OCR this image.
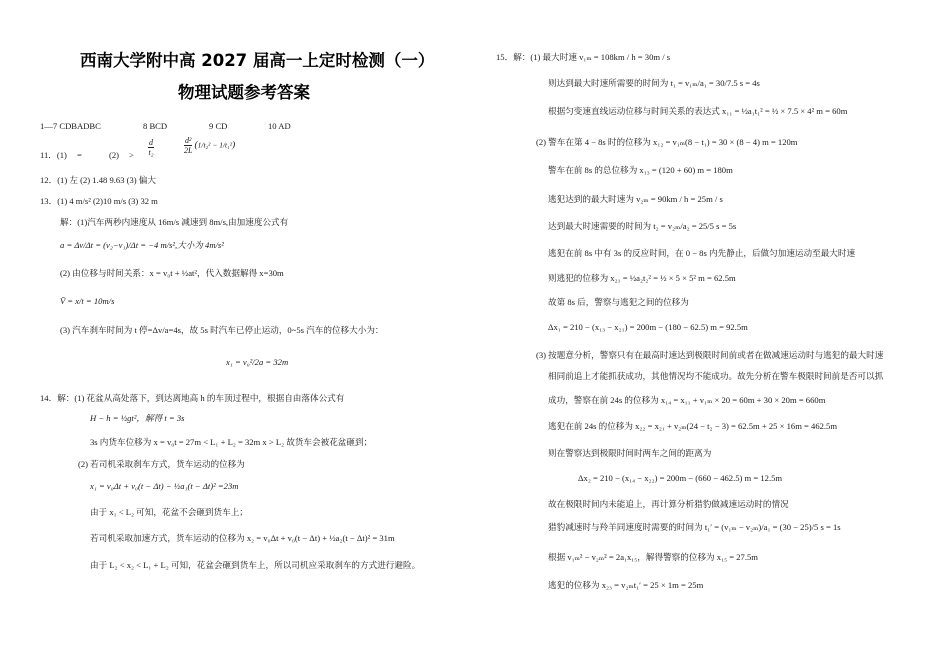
西南大学附中高 2027 届高一上定时检测（一）
物理试题参考答案
1—7 CDBADBC	8 BCD	9 CD	10 AD
11．(1) =	$(2) > \frac{d}{\text{t₂}}$	$\frac{\text{d²}}{2L} (1/t_2^2 - 1/t_1^2)$
12．(1) 左 (2) 1.48 9.63 (3) 偏大
13．(1) 4 m/s² (2)10 m/s (3) 32 m
解：(1)汽车两秒内速度从 16m/s 减速到 8m/s,由加速度公式有
a = Δv/Δt = (v₂−v₁)/Δt = −4 m/s²,大小为 4m/s²
(2) 由位移与时间关系：x = v₀t + ½at²，代入数据解得 x=30m
V̄ = x/t = 10m/s
(3) 汽车刹车时间为 t 停=Δv/a=4s，故 5s 时汽车已停止运动，0~5s 汽车的位移大小为：
x₁ = v₀²/2a = 32m
14．解：(1) 花盆从高处落下，到达离地高 h 的车顶过程中，根据自由落体公式有
H − h = ½gt²，解得 t = 3s
3s 内货车位移为 x = v₀t = 27m < L₁ + L₂ = 32m x > L₂ 故货车会被花盆砸到；
(2) 若司机采取刹车方式，货车运动的位移为
x₁ = v₀Δt + v₀(t − Δt) − ½a₁(t − Δt)² =23m
由于 x₁ < L₂ 可知，花盆不会砸到货车上；
若司机采取加速方式，货车运动的位移为 x₂ = v₀Δt + v₀(t − Δt) + ½a₂(t − Δt)² = 31m
由于 L₂ < x₂ < L₁ + L₂ 可知，花盆会砸到货车上，所以司机应采取刹车的方式进行避险。
15．解：(1) 最大时速 v₁ₘ = 108km / h = 30m / s
则达到最大时速所需要的时间为 t₁ = v₁ₘ/a₁ = 30/7.5 s = 4s
根据匀变速直线运动位移与时间关系的表达式 x₁₁ = ½a₁t₁² = ½ × 7.5 × 4² m = 60m
(2) 警车在第 4 − 8s 时的位移为 x₁₂ = v₁ₘ(8 − t₁) = 30 × (8 − 4) m = 120m
警车在前 8s 的总位移为 x₁₃ = (120 + 60) m = 180m
逃犯达到的最大时速为 v₂ₘ = 90km / h = 25m / s
达到最大时速需要的时间为 t₂ = v₂ₘ/a₂ = 25/5 s = 5s
逃犯在前 8s 中有 3s 的反应时间，在 0 − 8s 内先静止，后做匀加速运动至最大时速
则逃犯的位移为 x₂₁ = ½a₂t₂² = ½ × 5 × 5² m = 62.5m
故第 8s 后，警察与逃犯之间的位移为
Δx₁ = 210 − (x₁₃ − x₂₁) = 200m − (180 − 62.5) m = 92.5m
(3) 按题意分析，警察只有在最高时速达到极限时间前或者在做减速运动时与逃犯的最大时速
相同前追上才能抓获成功，其他情况均不能成功。故先分析在警车极限时间前是否可以抓
成功，警察在前 24s 的位移为 x₁₄ = x₁₁ + v₁ₘ × 20 = 60m + 30 × 20m = 660m
逃犯在前 24s 的位移为 x₂₂ = x₂₁ + v₂ₘ(24 − t₂ − 3) = 62.5m + 25 × 16m = 462.5m
则在警察达到极限时间时两车之间的距离为
Δx₂ = 210 − (x₁₄ − x₂₂) = 200m − (660 − 462.5) m = 12.5m
故在极限时间内未能追上，再计算分析猎豹做减速运动时的情况
猎豹减速时与羚羊同速度时需要的时间为 t₁′ = (v₁ₘ − v₂ₘ)/a₁ = (30 − 25)/5 s = 1s
根据 v₁ₘ² − v₂ₘ² = 2a₁x₁₅，解得警察的位移为 x₁₅ = 27.5m
逃犯的位移为 x₂₃ = v₂ₘt₁′ = 25 × 1m = 25m
